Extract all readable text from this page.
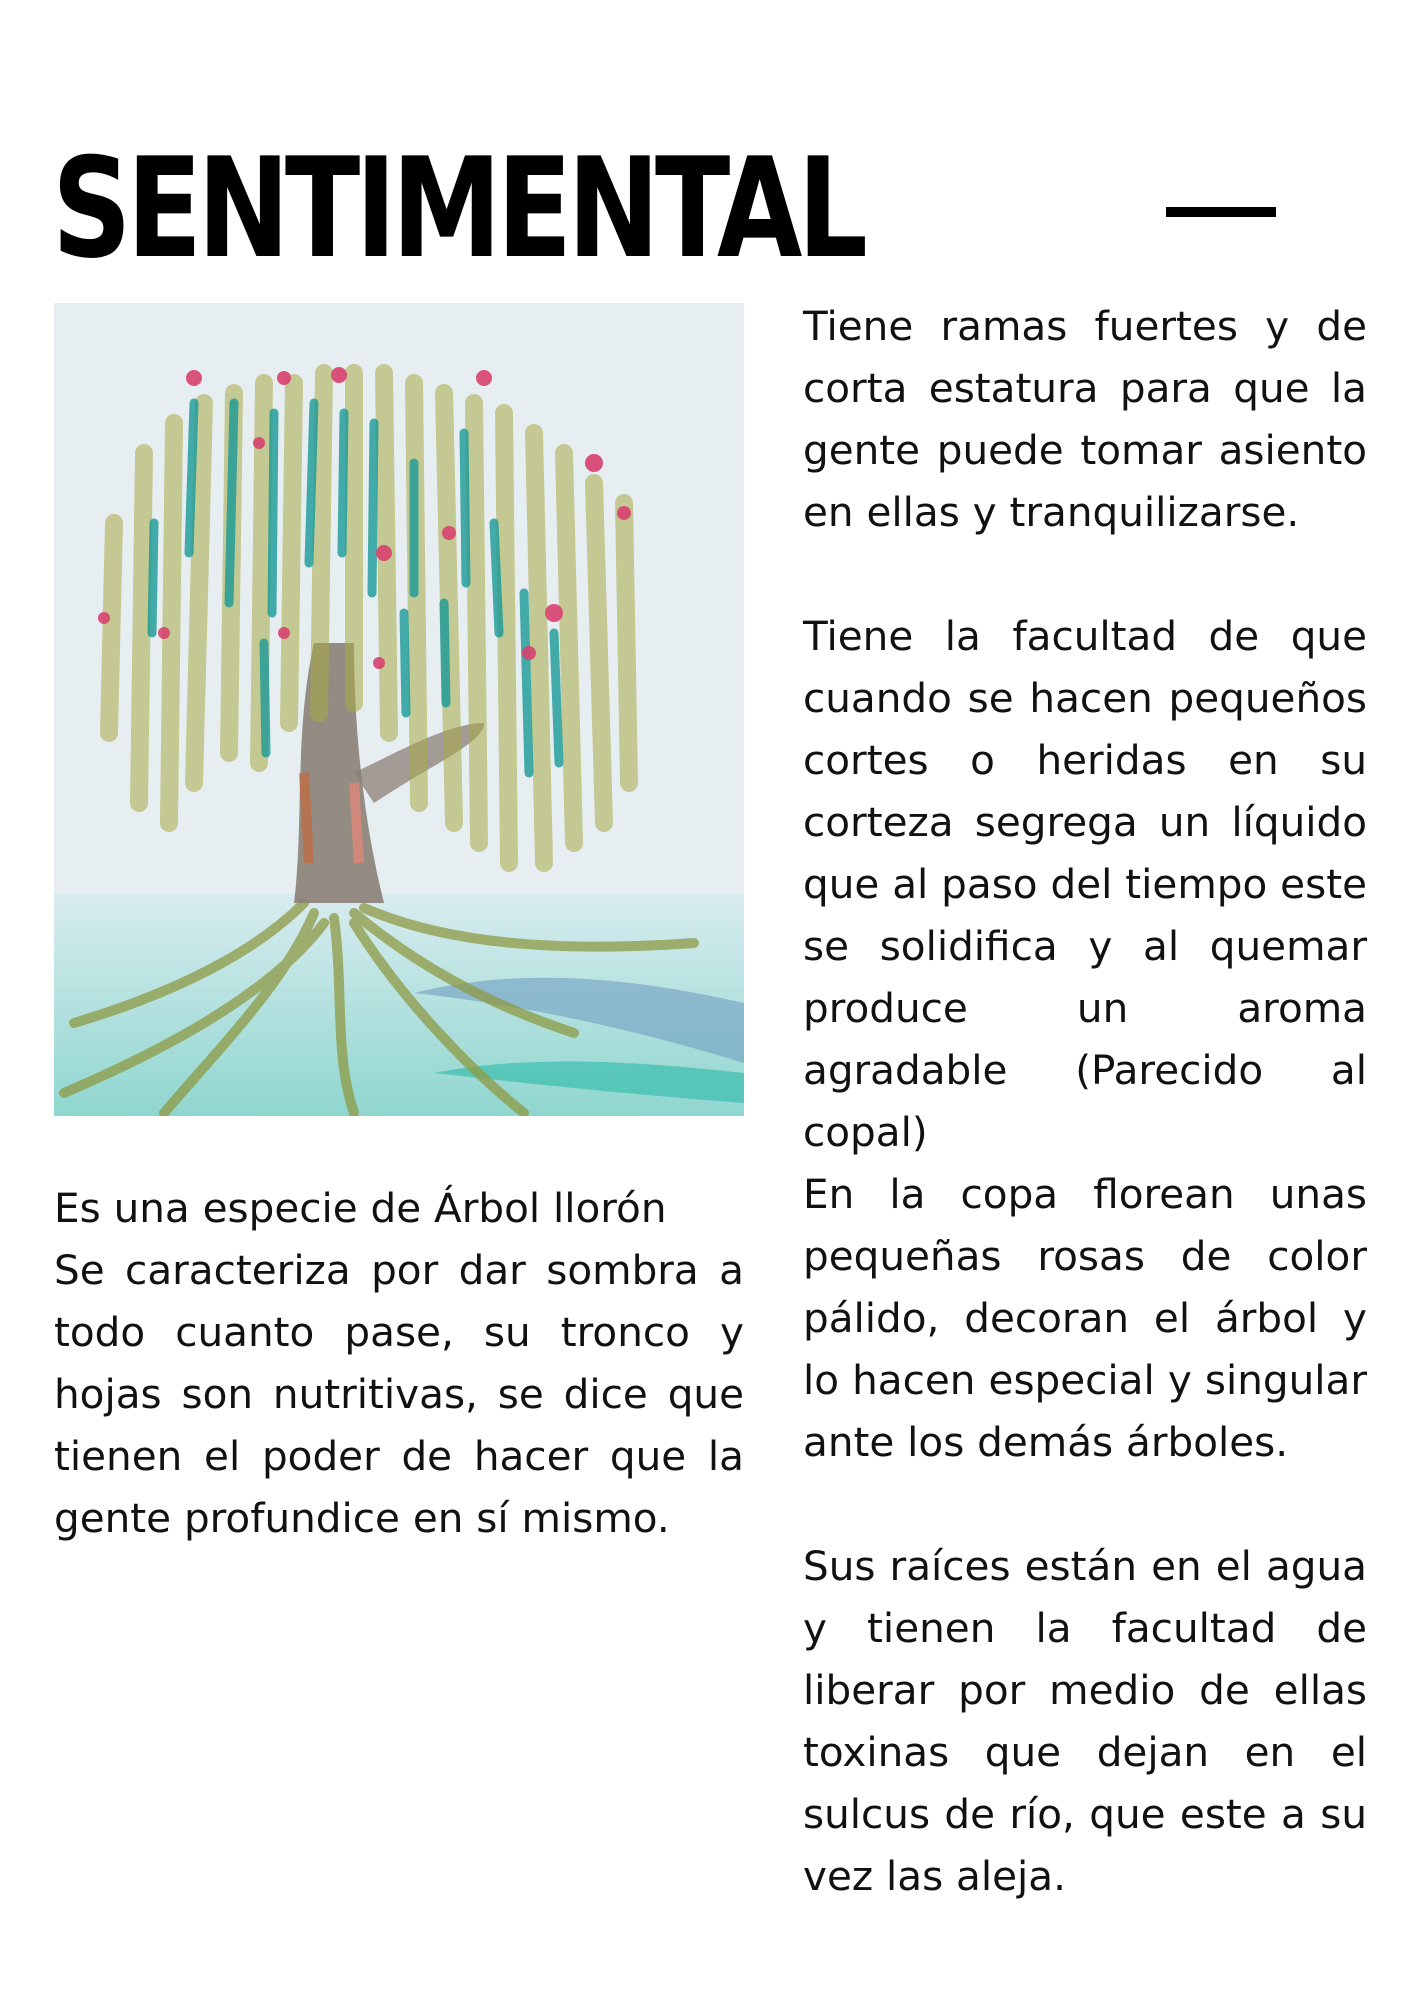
SENTIMENTAL

Es una especie de Árbol llorón

Se caracteriza por dar sombra a todo cuanto pase, su tronco y hojas son nutritivas, se dice que tienen el poder de hacer que la gente profundice en sí mismo.

Tiene ramas fuertes y de corta estatura para que la gente puede tomar asiento en ellas y tranquilizarse.

Tiene la facultad de que cuando se hacen pequeños cortes o heridas en su corteza segrega un líquido que al paso del tiempo este se solidifica y al quemar produce un aroma agradable (Parecido al copal)

En la copa florean unas pequeñas rosas de color pálido, decoran el árbol y lo hacen especial y singular ante los demás árboles.

Sus raíces están en el agua y tienen la facultad de liberar por medio de ellas toxinas que dejan en el sulcus de río, que este a su vez las aleja.
